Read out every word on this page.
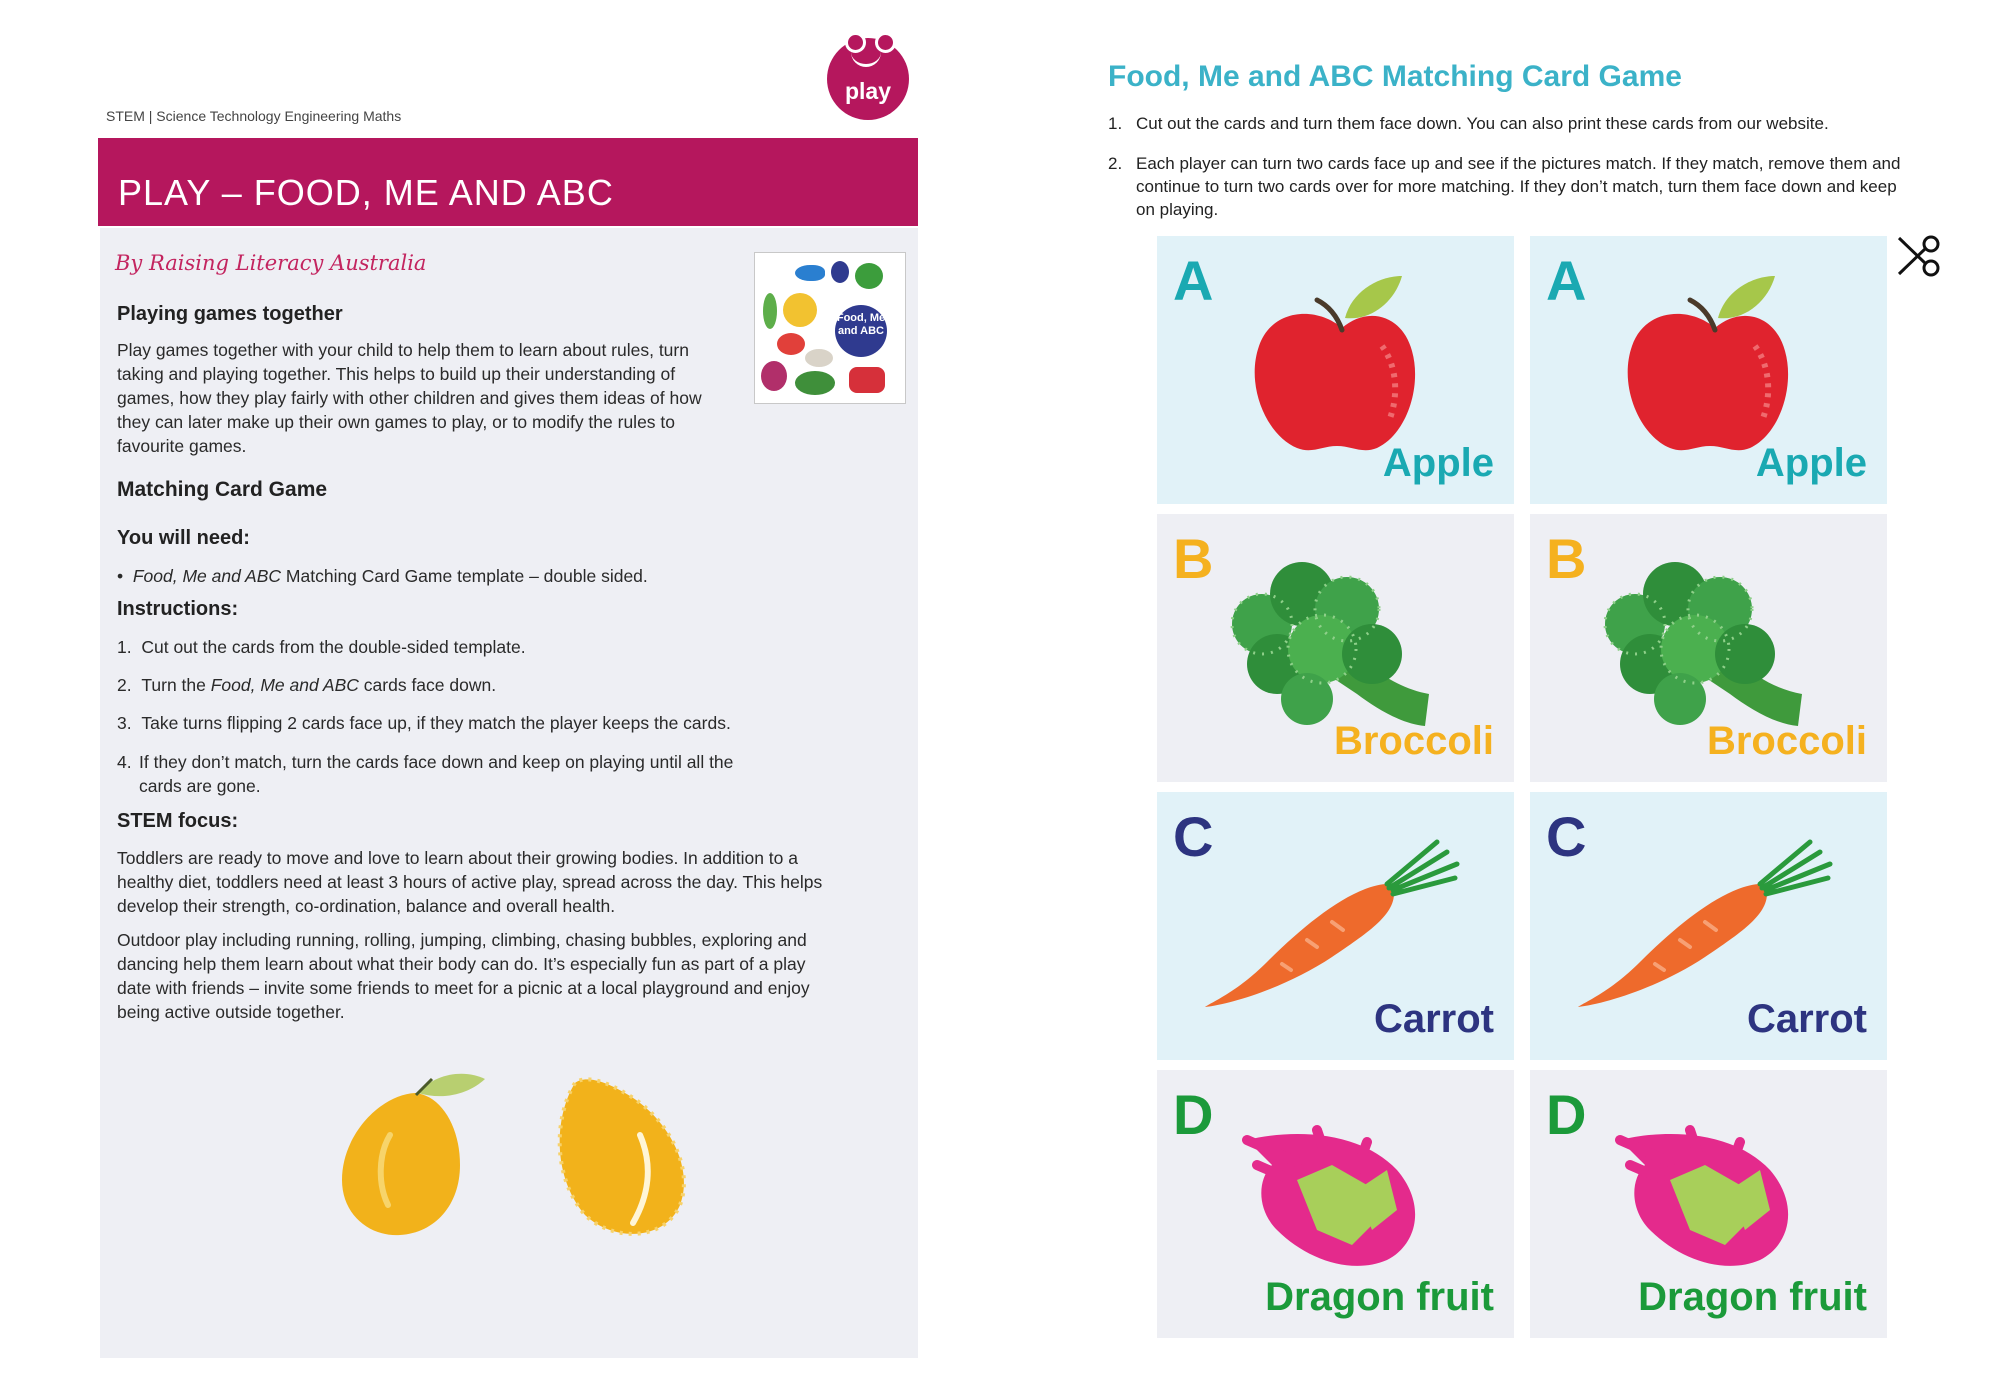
STEM | Science Technology Engineering Maths
play
PLAY – FOOD, ME AND ABC
By Raising Literacy Australia
Food, Me and ABC
Playing games together
Play games together with your child to help them to learn about rules, turn taking and playing together. This helps to build up their understanding of games, how they play fairly with other children and gives them ideas of how they can later make up their own games to play, or to modify the rules to favourite games.
Matching Card Game
You will need:
•  Food, Me and ABC Matching Card Game template – double sided.
Instructions:
1. Cut out the cards from the double-sided template.
2. Turn the Food, Me and ABC cards face down.
3. Take turns flipping 2 cards face up, if they match the player keeps the cards.
4. If they don’t match, turn the cards face down and keep on playing until all the cards are gone.
STEM focus:
Toddlers are ready to move and love to learn about their growing bodies. In addition to a healthy diet, toddlers need at least 3 hours of active play, spread across the day. This helps develop their strength, co-ordination, balance and overall health.
Outdoor play including running, rolling, jumping, climbing, chasing bubbles, exploring and dancing help them learn about what their body can do. It’s especially fun as part of a play date with friends – invite some friends to meet for a picnic at a local playground and enjoy being active outside together.
Food, Me and ABC Matching Card Game
1. Cut out the cards and turn them face down. You can also print these cards from our website.
2. Each player can turn two cards face up and see if the pictures match. If they match, remove them and continue to turn two cards over for more matching. If they don’t match, turn them face down and keep on playing.
A
Apple
A
Apple
B
Broccoli
B
Broccoli
C
Carrot
C
Carrot
D
Dragon fruit
D
Dragon fruit
